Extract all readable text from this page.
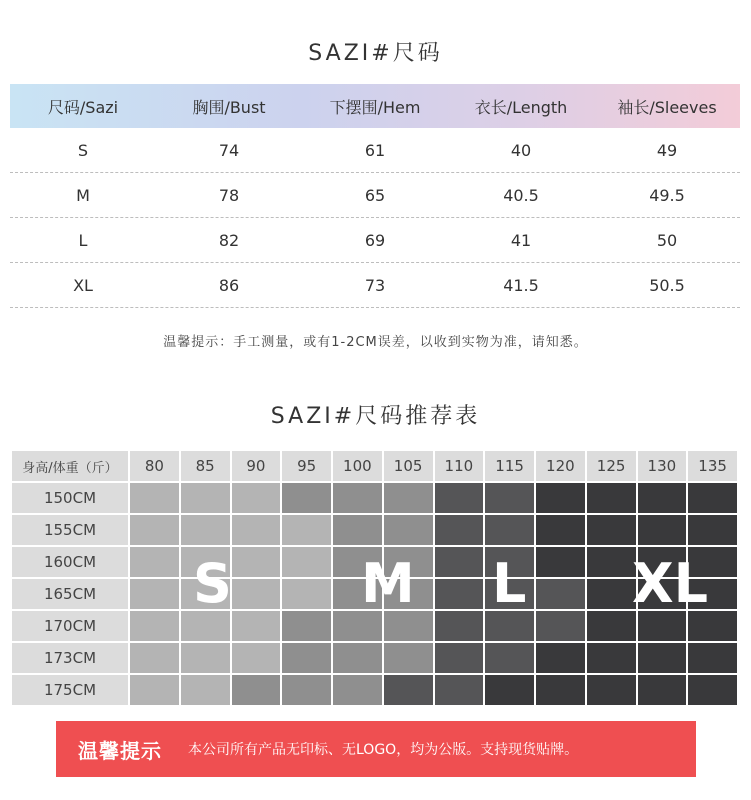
SAZI#尺码
尺码/Sazi	胸围/Bust	下摆围/Hem	衣长/Length	袖长/Sleeves
S	74	61	40	49
M	78	65	40.5	49.5
L	82	69	41	50
XL	86	73	41.5	50.5
温馨提示：手工测量，或有1-2CM误差，以收到实物为准，请知悉。
SAZI#尺码推荐表
身高/体重（斤）	80	85	90	95	100	105	110	115	120	125	130	135
150CM
155CM
160CM
165CM
170CM
173CM
175CM
S M L XL
温馨提示 本公司所有产品无印标、无LOGO，均为公版。支持现货贴牌。
